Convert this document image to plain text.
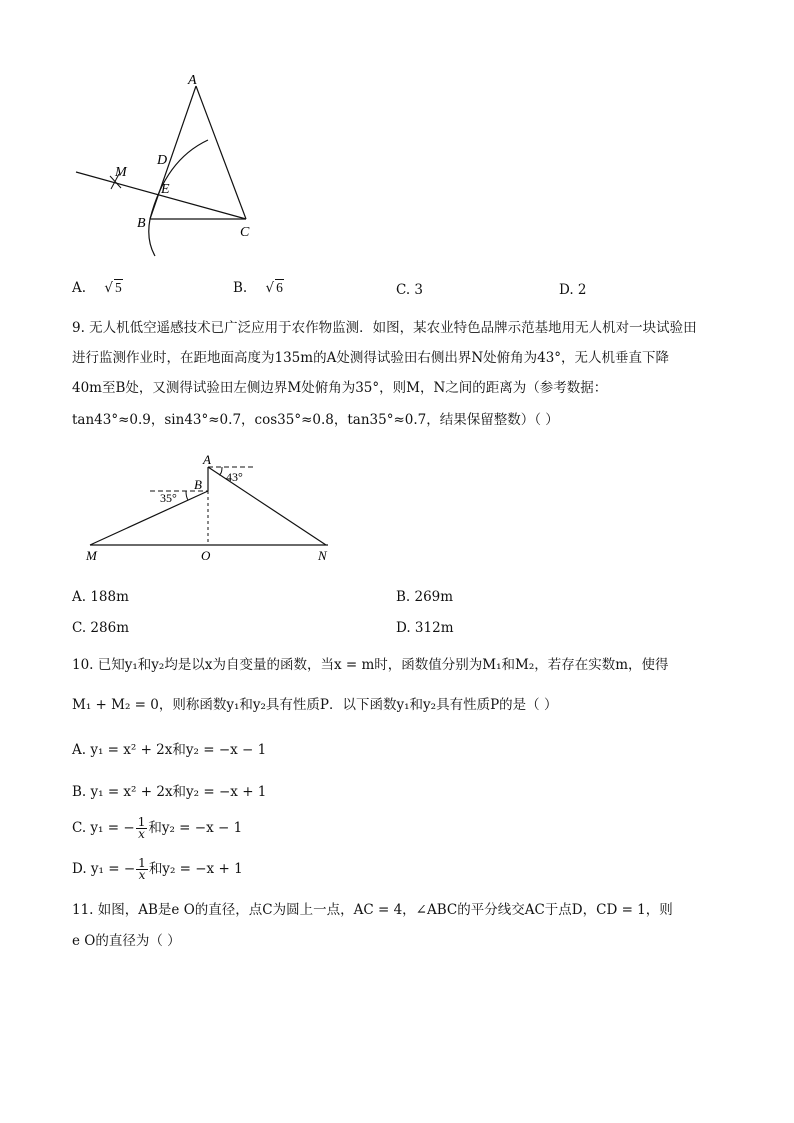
A
B
C
D
E
M
A. √ 5	B. √ 6	C. 3	D. 2
9. 无人机低空遥感技术已广泛应用于农作物监测．如图，某农业特色品牌示范基地用无人机对一块试验田
进行监测作业时，在距地面高度为135m的A处测得试验田右侧出界N处俯角为43°，无人机垂直下降
40m至B处，又测得试验田左侧边界M处俯角为35°，则M，N之间的距离为（参考数据：
tan43°≈0.9，sin43°≈0.7，cos35°≈0.8，tan35°≈0.7，结果保留整数）（ ）
A
B
M	O	N
43°
35°
A. 188m	B. 269m
C. 286m	D. 312m
10. 已知y₁和y₂均是以x为自变量的函数，当x = m时，函数值分别为M₁和M₂，若存在实数m，使得
M₁ + M₂ = 0，则称函数y₁和y₂具有性质P．以下函数y₁和y₂具有性质P的是（ ）
A. y₁ = x² + 2x和y₂ = −x − 1
B. y₁ = x² + 2x和y₂ = −x + 1
C. y₁ = − $\frac{1}{x}$ 和y₂ = −x − 1
D. y₁ = − $\frac{1}{x}$ 和y₂ = −x + 1
11. 如图，AB是e O的直径，点C为圆上一点，AC = 4，∠ABC的平分线交AC于点D，CD = 1，则
e O的直径为（ ）
